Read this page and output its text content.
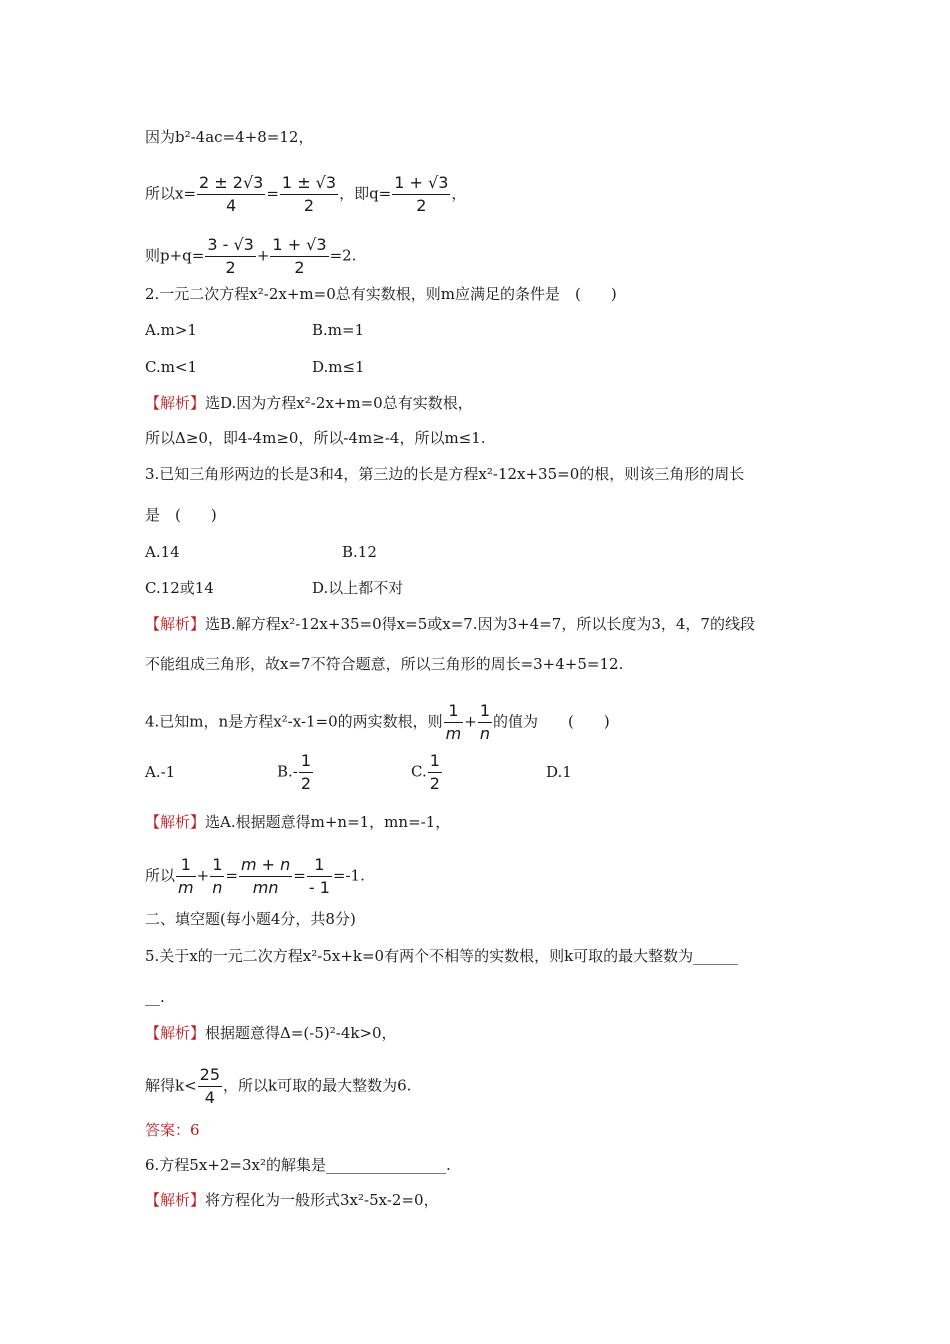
因为b²-4ac=4+8=12，
所以$x= \frac{2 \pm 2√3}{4} = \frac{1 \pm √3}{2}$ ，即$q= \frac{1 + √3}{2}$ ，
则$p+q= \frac{3 - √3}{2} + \frac{1 + √3}{2} =2$.
2.一元二次方程x²-2x+m=0总有实数根，则m应满足的条件是　(　　)
A.m>1	B.m=1
C.m<1	D.m≤1
【解析】选D.因为方程x²-2x+m=0总有实数根，
所以Δ≥0，即4-4m≥0，所以-4m≥-4，所以m≤1.
3.已知三角形两边的长是3和4，第三边的长是方程x²-12x+35=0的根，则该三角形的周长
是　(　　)
A.14	B.12
C.12或14	D.以上都不对
【解析】选B.解方程x²-12x+35=0得x=5或x=7.因为3+4=7，所以长度为3，4，7的线段
不能组成三角形，故x=7不符合题意，所以三角形的周长=3+4+5=12.
4.已知m，n是方程x²-x-1=0的两实数根，则 $\frac{1}{m} + \frac{1}{n}$ 的值为　　(　　)
A.-1	$B.- \frac{1}{2}$	C. $\frac{1}{2}$	D.1
【解析】选A.根据题意得m+n=1，mn=-1，
所以 $\frac{1}{m} + \frac{1}{n} = \frac{m + n}{mn} = \frac{1}{- 1} =-1$.
二、填空题(每小题4分，共8分)
5.关于x的一元二次方程x²-5x+k=0有两个不相等的实数根，则k可取的最大整数为______
__.
【解析】根据题意得Δ=(-5)²-4k>0，
解得$k< \frac{25}{4}$ ，所以k可取的最大整数为6.
答案：6
6.方程5x+2=3x²的解集是________________.
【解析】将方程化为一般形式3x²-5x-2=0，
